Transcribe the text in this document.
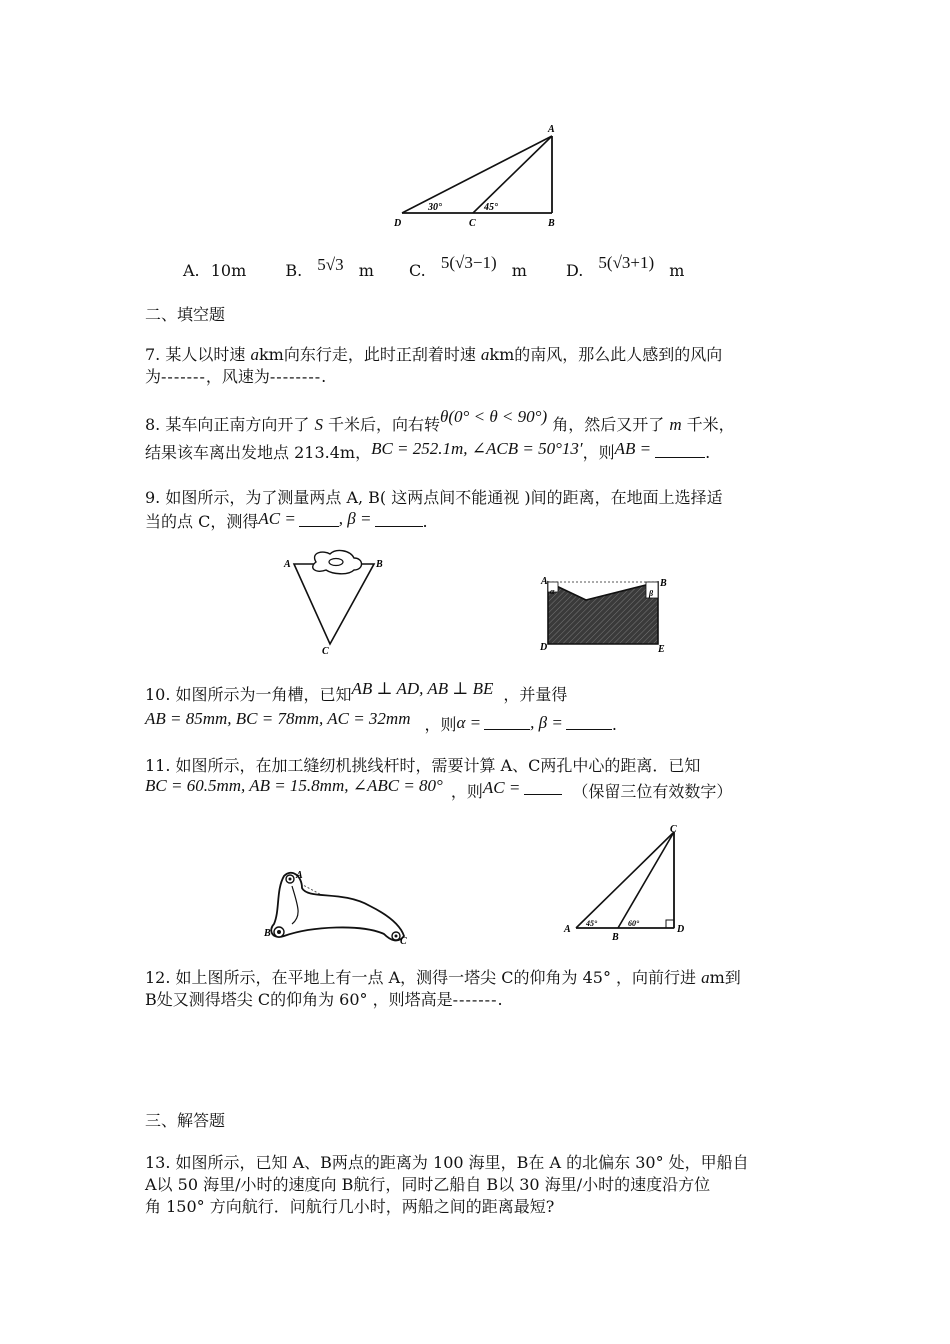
A
B
C
D
30°	45°
A. 10m B. 5√3 m C. 5(√3−1) m D. 5(√3+1) m
二、填空题
7. 某人以时速 akm向东行走，此时正刮着时速 akm的南风，那么此人感到的风向
为-------，风速为--------.
8. 某车向正南方向开了 S 千米后，向右转θ(0° < θ < 90°) 角，然后又开了 m 千米，
结果该车离出发地点 213.4m，BC = 252.1m, ∠ACB = 50°13′，则AB =	.
9. 如图所示，为了测量两点 A, B( 这两点间不能通视 )间的距离，在地面上选择适
当的点 C，测得AC =	, β =	.
A	B
C
α	β
A	B
C
D	E
10. 如图所示为一角槽，已知AB ⊥ AD, AB ⊥ BE ，并量得
AB = 85mm, BC = 78mm, AC = 32mm ，则α =	, β =	.
11. 如图所示，在加工缝纫机挑线杆时，需要计算 A、C两孔中心的距离．已知
BC = 60.5mm, AB = 15.8mm, ∠ABC = 80° ，则AC =	（保留三位有效数字）
A
B
C
C
A
B
D
45°	60°
12. 如上图所示，在平地上有一点 A，测得一塔尖 C的仰角为 45° ，向前行进 am到
B处又测得塔尖 C的仰角为 60° ，则塔高是-------.
三、解答题
13. 如图所示，已知 A、B两点的距离为 100 海里，B在 A 的北偏东 30° 处，甲船自
A以 50 海里/小时的速度向 B航行，同时乙船自 B以 30 海里/小时的速度沿方位
角 150° 方向航行．问航行几小时，两船之间的距离最短?
